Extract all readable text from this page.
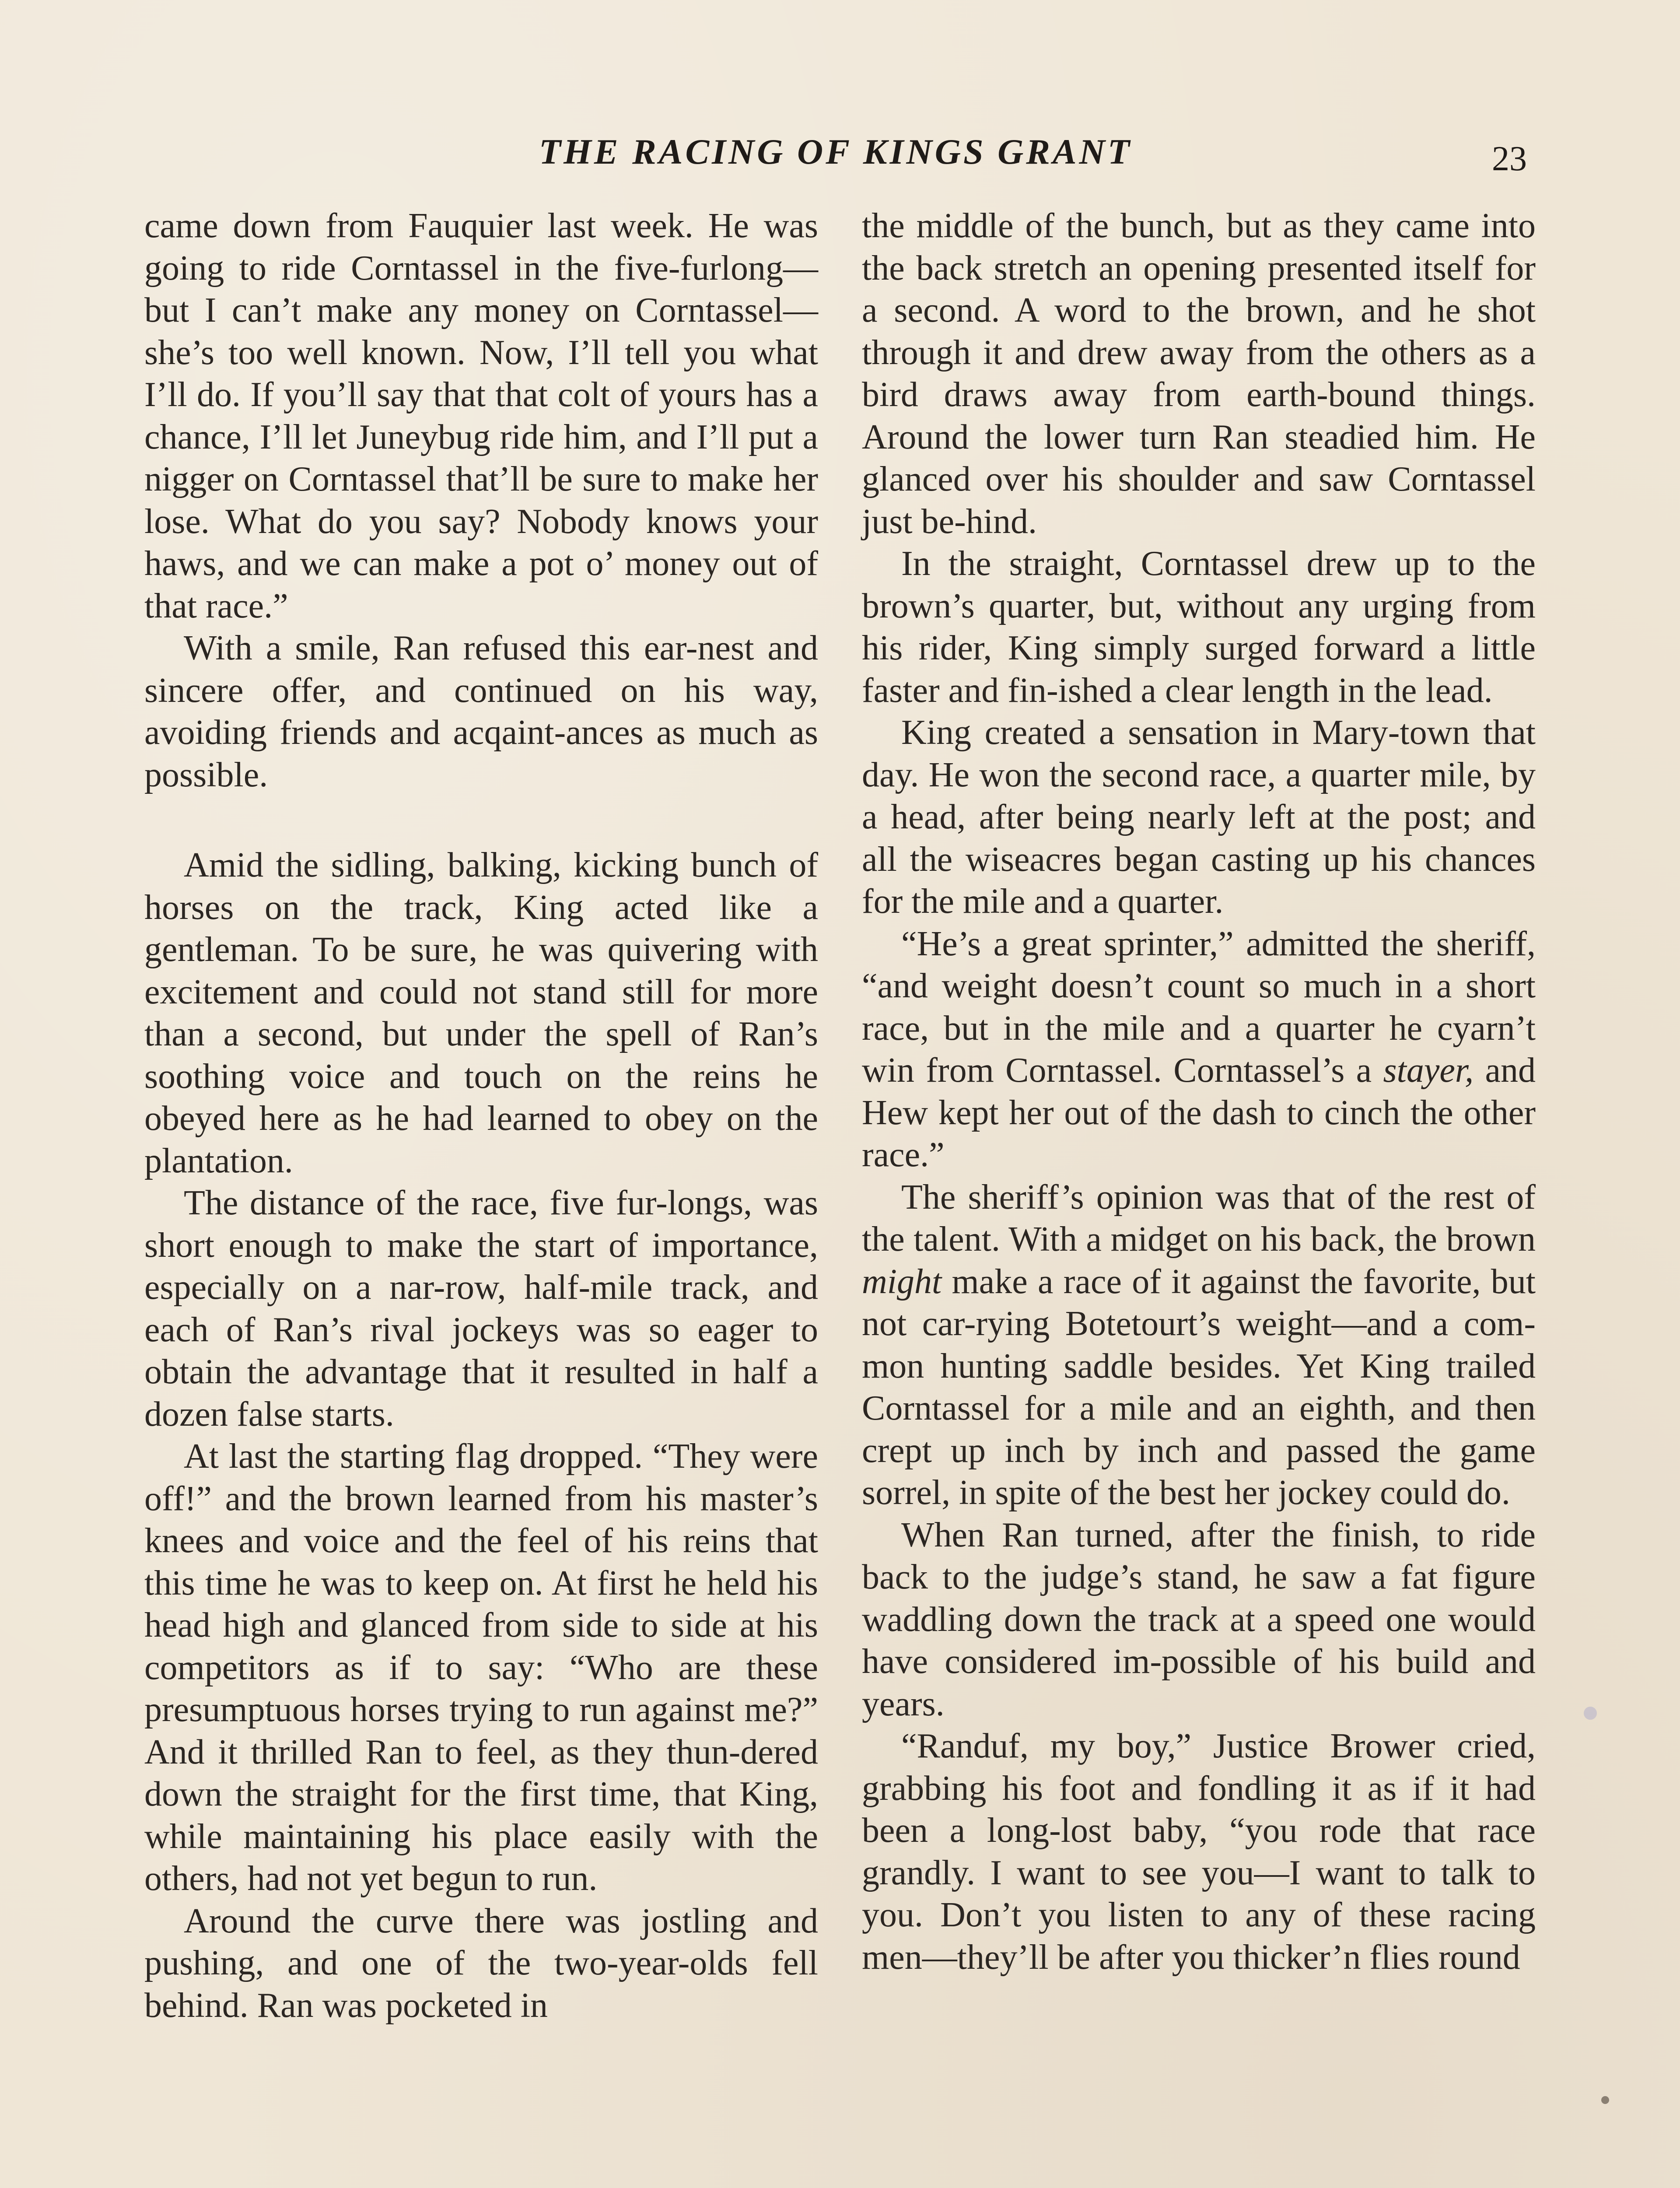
THE RACING OF KINGS GRANT	23

came down from Fauquier last week. He was going to ride Corntassel in the five-furlong—but I can’t make any money on Corntassel—she’s too well known. Now, I’ll tell you what I’ll do. If you’ll say that that colt of yours has a chance, I’ll let Juneybug ride him, and I’ll put a nigger on Corntassel that’ll be sure to make her lose. What do you say? Nobody knows your haws, and we can make a pot o’ money out of that race.”

With a smile, Ran refused this ear-nest and sincere offer, and continued on his way, avoiding friends and acqaint-ances as much as possible.

Amid the sidling, balking, kicking bunch of horses on the track, King acted like a gentleman. To be sure, he was quivering with excitement and could not stand still for more than a second, but under the spell of Ran’s soothing voice and touch on the reins he obeyed here as he had learned to obey on the plantation.

The distance of the race, five fur-longs, was short enough to make the start of importance, especially on a nar-row, half-mile track, and each of Ran’s rival jockeys was so eager to obtain the advantage that it resulted in half a dozen false starts.

At last the starting flag dropped. “They were off!” and the brown learned from his master’s knees and voice and the feel of his reins that this time he was to keep on. At first he held his head high and glanced from side to side at his competitors as if to say: “Who are these presumptuous horses trying to run against me?” And it thrilled Ran to feel, as they thun-dered down the straight for the first time, that King, while maintaining his place easily with the others, had not yet begun to run.

Around the curve there was jostling and pushing, and one of the two-year-olds fell behind. Ran was pocketed in

the middle of the bunch, but as they came into the back stretch an opening presented itself for a second. A word to the brown, and he shot through it and drew away from the others as a bird draws away from earth-bound things. Around the lower turn Ran steadied him. He glanced over his shoulder and saw Corntassel just be-hind.

In the straight, Corntassel drew up to the brown’s quarter, but, without any urging from his rider, King simply surged forward a little faster and fin-ished a clear length in the lead.

King created a sensation in Mary-town that day. He won the second race, a quarter mile, by a head, after being nearly left at the post; and all the wiseacres began casting up his chances for the mile and a quarter.

“He’s a great sprinter,” admitted the sheriff, “and weight doesn’t count so much in a short race, but in the mile and a quarter he cyarn’t win from Corntassel. Corntassel’s a stayer, and Hew kept her out of the dash to cinch the other race.”

The sheriff’s opinion was that of the rest of the talent. With a midget on his back, the brown might make a race of it against the favorite, but not car-rying Botetourt’s weight—and a com-mon hunting saddle besides. Yet King trailed Corntassel for a mile and an eighth, and then crept up inch by inch and passed the game sorrel, in spite of the best her jockey could do.

When Ran turned, after the finish, to ride back to the judge’s stand, he saw a fat figure waddling down the track at a speed one would have considered im-possible of his build and years.

“Randuf, my boy,” Justice Brower cried, grabbing his foot and fondling it as if it had been a long-lost baby, “you rode that race grandly. I want to see you—I want to talk to you. Don’t you listen to any of these racing men—they’ll be after you thicker’n flies round
